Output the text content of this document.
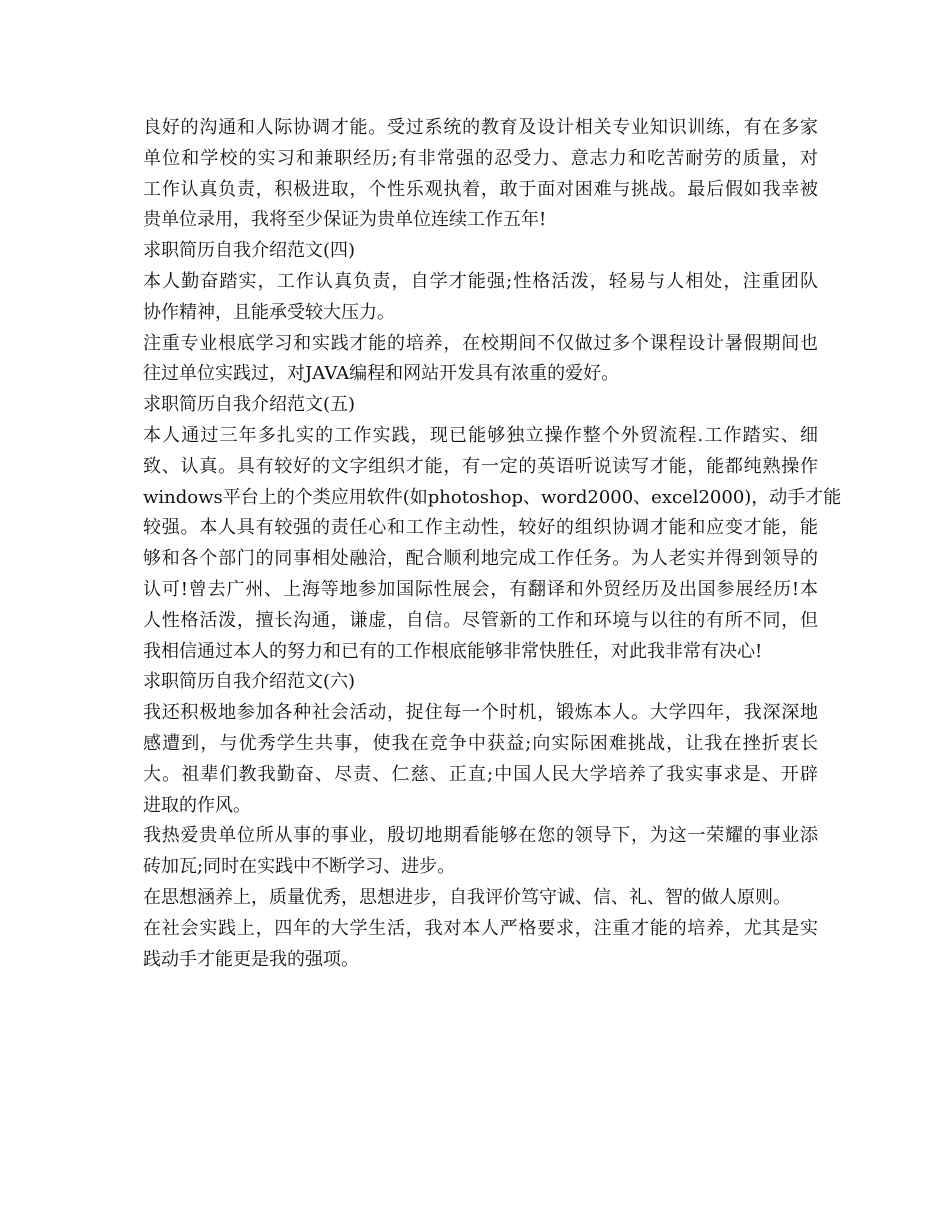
良好的沟通和人际协调才能。受过系统的教育及设计相关专业知识训练，有在多家
单位和学校的实习和兼职经历;有非常强的忍受力、意志力和吃苦耐劳的质量，对
工作认真负责，积极进取，个性乐观执着，敢于面对困难与挑战。最后假如我幸被
贵单位录用，我将至少保证为贵单位连续工作五年!
求职简历自我介绍范文(四)
本人勤奋踏实，工作认真负责，自学才能强;性格活泼，轻易与人相处，注重团队
协作精神，且能承受较大压力。
注重专业根底学习和实践才能的培养，在校期间不仅做过多个课程设计暑假期间也
往过单位实践过，对JAVA编程和网站开发具有浓重的爱好。
求职简历自我介绍范文(五)
本人通过三年多扎实的工作实践，现已能够独立操作整个外贸流程.工作踏实、细
致、认真。具有较好的文字组织才能，有一定的英语听说读写才能，能都纯熟操作
windows平台上的个类应用软件(如photoshop、word2000、excel2000)，动手才能
较强。本人具有较强的责任心和工作主动性，较好的组织协调才能和应变才能，能
够和各个部门的同事相处融洽，配合顺利地完成工作任务。为人老实并得到领导的
认可!曾去广州、上海等地参加国际性展会，有翻译和外贸经历及出国参展经历!本
人性格活泼，擅长沟通，谦虚，自信。尽管新的工作和环境与以往的有所不同，但
我相信通过本人的努力和已有的工作根底能够非常快胜任，对此我非常有决心!
求职简历自我介绍范文(六)
我还积极地参加各种社会活动，捉住每一个时机，锻炼本人。大学四年，我深深地
感遭到，与优秀学生共事，使我在竞争中获益;向实际困难挑战，让我在挫折衷长
大。祖辈们教我勤奋、尽责、仁慈、正直;中国人民大学培养了我实事求是、开辟
进取的作风。
我热爱贵单位所从事的事业，殷切地期看能够在您的领导下，为这一荣耀的事业添
砖加瓦;同时在实践中不断学习、进步。
在思想涵养上，质量优秀，思想进步，自我评价笃守诚、信、礼、智的做人原则。
在社会实践上，四年的大学生活，我对本人严格要求，注重才能的培养，尤其是实
践动手才能更是我的强项。
